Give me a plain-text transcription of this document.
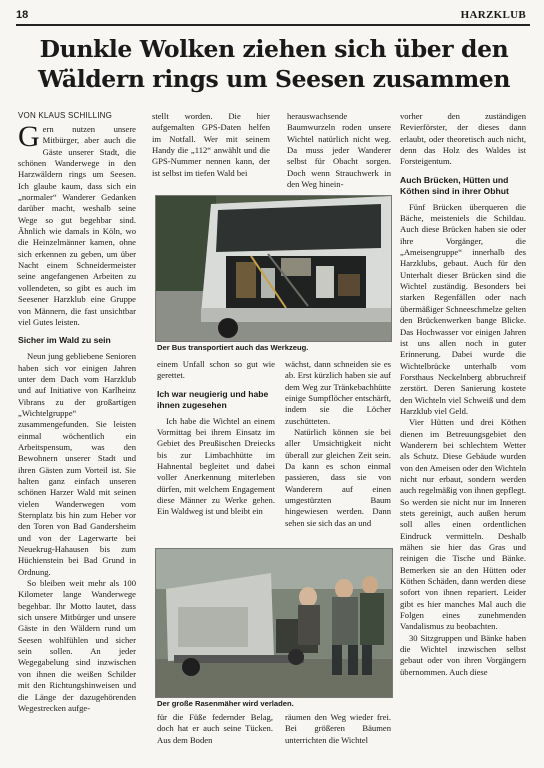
18	HARZKLUB
Dunkle Wolken ziehen sich über den
Wäldern rings um Seesen zusammen
VON KLAUS SCHILLING

Gern nutzen unsere Mitbürger, aber auch die Gäste unserer Stadt, die schönen Wanderwege in den Harzwäldern rings um Seesen. Ich glaube kaum, dass sich ein „normaler“ Wanderer Gedanken darüber macht, weshalb seine Wege so gut begehbar sind. Ähnlich wie damals in Köln, wo die Heinzelmänner kamen, ohne sich erkennen zu geben, um über Nacht einem Schneidermeister seine angefangenen Arbeiten zu vollendeten, so gibt es auch im Seesener Harzklub eine Gruppe von Männern, die fast unsichtbar viel Gutes leisten.

Sicher im Wald zu sein

Neun jung gebliebene Senioren haben sich vor einigen Jahren unter dem Dach vom Harzklub und auf Initiative von Karlheinz Vibrans zu der großartigen „Wichtelgruppe“ zusammengefunden. Sie leisten einmal wöchentlich ein Arbeitspensum, was den Bewohnern unserer Stadt und ihren Gästen zum Vorteil ist. Sie halten ganz einfach unseren schönen Harzer Wald mit seinen vielen Wanderwegen vom Sternplatz bis hin zum Heber vor den Toren von Bad Gandersheim und von der Lagerwarte bei Neuekrug-Hahausen bis zum Hüchienstein bei Bad Grund in Ordnung.

So bleiben weit mehr als 100 Kilometer lange Wanderwege begehbar. Ihr Motto lautet, dass sich unsere Mitbürger und unsere Gäste in den Wäldern rund um Seesen wohlfühlen und sicher sein sollen. An jeder Wegegabelung sind inzwischen von ihnen die weißen Schilder mit den Richtungshinweisen und die Länge der dazugehörenden Wegestrecken aufge-

stellt worden. Die hier aufgemalten GPS-Daten helfen im Notfall. Wer mit seinem Handy die „112“ anwählt und die GPS-Nummer nennen kann, der ist selbst im tiefen Wald bei

herauswachsende Baumwurzeln roden unsere Wichtel natürlich nicht weg. Da muss jeder Wanderer selbst für Obacht sorgen. Doch wenn Strauchwerk in den Weg hinein-

Der Bus transportiert auch das Werkzeug.

einem Unfall schon so gut wie gerettet.

Ich war neugierig und habe ihnen zugesehen

Ich habe die Wichtel an einem Vormittag bei ihrem Einsatz im Gebiet des Preußischen Dreiecks bis zur Limbachhütte im Hahnental begleitet und dabei voller Anerkennung miterleben dürfen, mit welchem Engagement diese Männer zu Werke gehen. Ein Waldweg ist und bleibt ein

wächst, dann schneiden sie es ab. Erst kürzlich haben sie auf dem Weg zur Tränkebachhütte einige Sumpflöcher entschärft, indem sie die Löcher zuschütteten.

Natürlich können sie bei aller Umsichtigkeit nicht überall zur gleichen Zeit sein. Da kann es schon einmal passieren, dass sie von Wanderern auf einen umgestürzten Baum hingewiesen werden. Dann sehen sie sich das an und

Der große Rasenmäher wird verladen.

für die Füße federnder Belag, doch hat er auch seine Tücken. Aus dem Boden

räumen den Weg wieder frei. Bei größeren Bäumen unterrichten die Wichtel

vorher den zuständigen Revierförster, der dieses dann erlaubt, oder theoretisch auch nicht, denn das Holz des Waldes ist Forsteigentum.

Auch Brücken, Hütten und Köthen sind in ihrer Obhut

Fünf Brücken überqueren die Bäche, meisteniels die Schildau. Auch diese Brücken haben sie oder ihre Vorgänger, die „Ameisengruppe“ innerhalb des Harzklubs, gebaut. Auch für den Unterhalt dieser Brücken sind die Wichtel zuständig. Besonders bei starken Regenfällen oder nach übermäßiger Schneeschmelze gelten den Brückenwerken bange Blicke. Das Hochwasser vor einigen Jahren ist uns allen noch in guter Erinnerung. Dabei wurde die Wichtelbrücke unterhalb vom Forsthaus Neckelnberg abbruchreif zerstört. Deren Sanierung kostete den Wichteln viel Schweiß und dem Harzklub viel Geld.

Vier Hütten und drei Köthen dienen im Betreuungsgebiet den Wanderern bei schlechtem Wetter als Schutz. Diese Gebäude wurden von den Ameisen oder den Wichteln nicht nur erbaut, sondern werden auch regelmäßig von ihnen gepflegt. So werden sie nicht nur im Inneren stets gereinigt, auch außen herum soll alles einen ordentlichen Eindruck vermitteln. Deshalb mähen sie hier das Gras und reinigen die Tische und Bänke. Bemerken sie an den Hütten oder Köthen Schäden, dann werden diese sofort von ihnen repariert. Leider gibt es hier manches Mal auch die Folgen eines zunehmenden Vandalismus zu beobachten.

30 Sitzgruppen und Bänke haben die Wichtel inzwischen selbst gebaut oder von ihren Vorgängern übernommen. Auch diese
